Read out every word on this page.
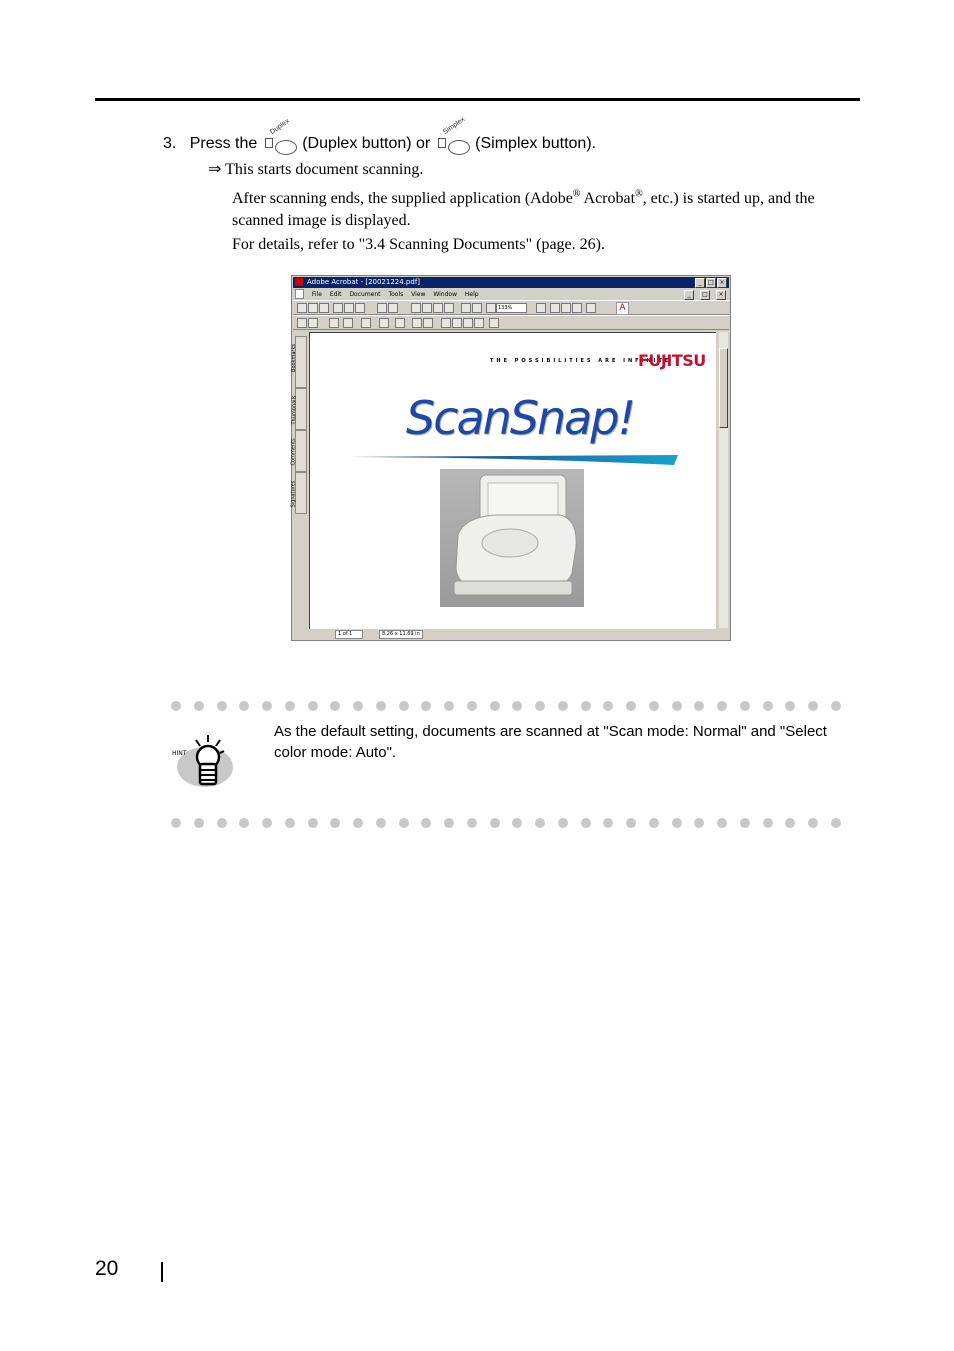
3. Press the
Duplex
(Duplex button) or
Simplex
(Simplex button).
⇒ This starts document scanning.
After scanning ends, the supplied application (Adobe® Acrobat®, etc.) is started up, and the scanned image is displayed.
For details, refer to "3.4 Scanning Documents" (page. 26).
Adobe Acrobat - [20021224.pdf]	_ □ ×
File Edit Document Tools View Window Help	_ □ ×
133%	A
Bookmarks
Thumbnails
Comments
Signatures
THE POSSIBILITIES ARE INFINITE
FUJITSU
ScanSnap!
1 of 1	8.26 x 11.69 in
HINT
As the default setting, documents are scanned at "Scan mode: Normal" and "Select color mode: Auto".
20
